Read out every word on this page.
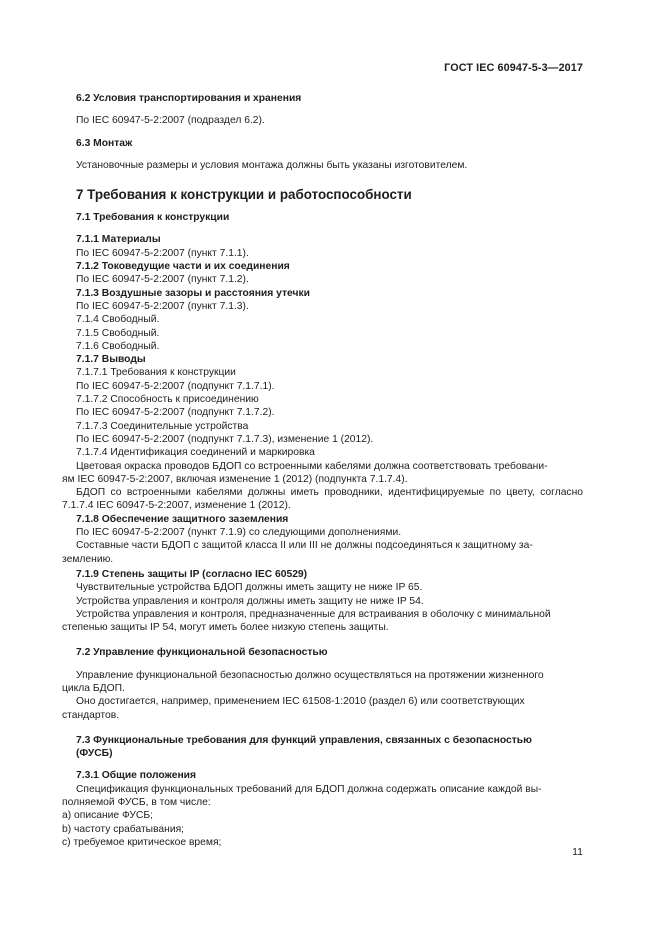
ГОСТ IEC 60947-5-3—2017

6.2 Условия транспортирования и хранения

По IEC 60947-5-2:2007 (подраздел 6.2).

6.3 Монтаж

Установочные размеры и условия монтажа должны быть указаны изготовителем.

7 Требования к конструкции и работоспособности

7.1 Требования к конструкции

7.1.1 Материалы

По IEC 60947-5-2:2007 (пункт 7.1.1).

7.1.2 Токоведущие части и их соединения

По IEC 60947-5-2:2007 (пункт 7.1.2).

7.1.3 Воздушные зазоры и расстояния утечки

По IEC 60947-5-2:2007 (пункт 7.1.3).

7.1.4 Свободный.

7.1.5 Свободный.

7.1.6 Свободный.

7.1.7 Выводы

7.1.7.1 Требования к конструкции

По IEC 60947-5-2:2007 (подпункт 7.1.7.1).

7.1.7.2 Способность к присоединению

По IEC 60947-5-2:2007 (подпункт 7.1.7.2).

7.1.7.3 Соединительные устройства

По IEC 60947-5-2:2007 (подпункт 7.1.7.3), изменение 1 (2012).

7.1.7.4 Идентификация соединений и маркировка

Цветовая окраска проводов БДОП со встроенными кабелями должна соответствовать требовани-

ям IEC 60947-5-2:2007, включая изменение 1 (2012) (подпункта 7.1.7.4).

БДОП со встроенными кабелями должны иметь проводники, идентифицируемые по цвету, согласно 7.1.7.4 IEC 60947-5-2:2007, изменение 1 (2012).

7.1.8 Обеспечение защитного заземления

По IEC 60947-5-2:2007 (пункт 7.1.9) со следующими дополнениями.

Составные части БДОП с защитой класса II или III не должны подсоединяться к защитному за-

землению.

7.1.9 Степень защиты IP (согласно IEC 60529)

Чувствительные устройства БДОП должны иметь защиту не ниже IP 65.

Устройства управления и контроля должны иметь защиту не ниже IP 54.

Устройства управления и контроля, предназначенные для встраивания в оболочку с минимальной

степенью защиты IP 54, могут иметь более низкую степень защиты.

7.2 Управление функциональной безопасностью

Управление функциональной безопасностью должно осуществляться на протяжении жизненного

цикла БДОП.

Оно достигается, например, применением IEC 61508-1:2010 (раздел 6) или соответствующих

стандартов.

7.3 Функциональные требования для функций управления, связанных с безопасностью

(ФУСБ)

7.3.1 Общие положения

Спецификация функциональных требований для БДОП должна содержать описание каждой вы-

полняемой ФУСБ, в том числе:

a) описание ФУСБ;

b) частоту срабатывания;

c) требуемое критическое время;

11
